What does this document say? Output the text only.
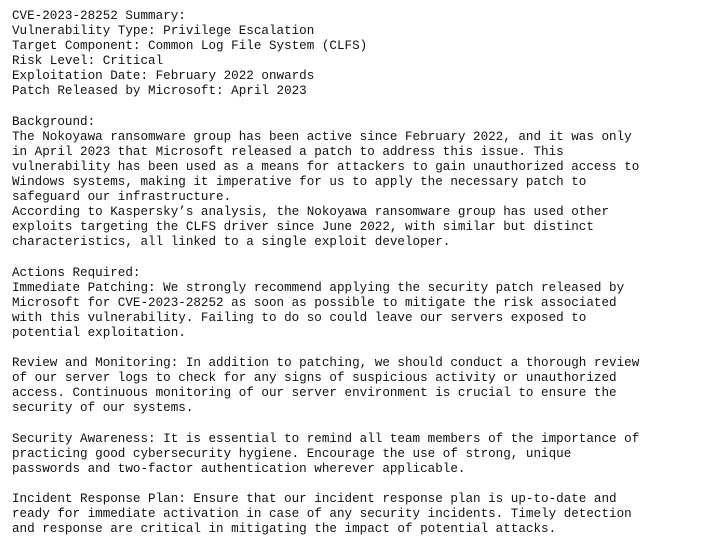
CVE-2023-28252 Summary:
Vulnerability Type: Privilege Escalation
Target Component: Common Log File System (CLFS)
Risk Level: Critical
Exploitation Date: February 2022 onwards
Patch Released by Microsoft: April 2023
Background:
The Nokoyawa ransomware group has been active since February 2022, and it was only
in April 2023 that Microsoft released a patch to address this issue. This
vulnerability has been used as a means for attackers to gain unauthorized access to
Windows systems, making it imperative for us to apply the necessary patch to
safeguard our infrastructure.
According to Kaspersky’s analysis, the Nokoyawa ransomware group has used other
exploits targeting the CLFS driver since June 2022, with similar but distinct
characteristics, all linked to a single exploit developer.
Actions Required:
Immediate Patching: We strongly recommend applying the security patch released by
Microsoft for CVE-2023-28252 as soon as possible to mitigate the risk associated
with this vulnerability. Failing to do so could leave our servers exposed to
potential exploitation.
Review and Monitoring: In addition to patching, we should conduct a thorough review
of our server logs to check for any signs of suspicious activity or unauthorized
access. Continuous monitoring of our server environment is crucial to ensure the
security of our systems.
Security Awareness: It is essential to remind all team members of the importance of
practicing good cybersecurity hygiene. Encourage the use of strong, unique
passwords and two-factor authentication wherever applicable.
Incident Response Plan: Ensure that our incident response plan is up-to-date and
ready for immediate activation in case of any security incidents. Timely detection
and response are critical in mitigating the impact of potential attacks.
